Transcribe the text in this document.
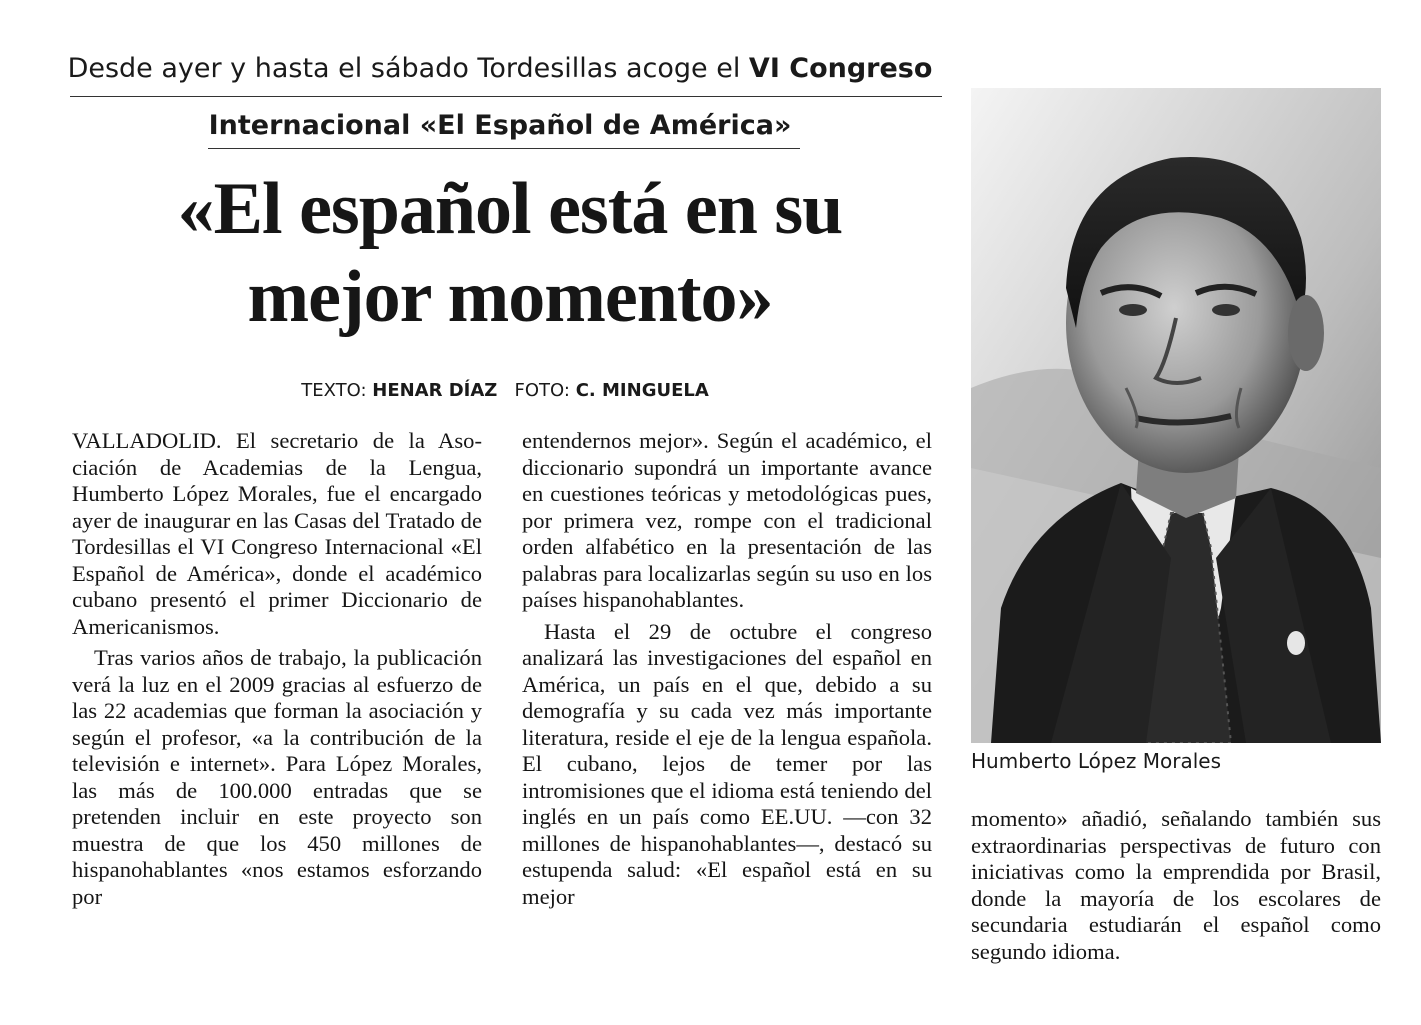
Desde ayer y hasta el sábado Tordesillas acoge el VI Congreso
Internacional «El Español de América»
«El español está en su mejor momento»
TEXTO: HENAR DÍAZ FOTO: C. MINGUELA

VALLADOLID. El secretario de la Asociación de Academias de la Lengua, Humberto López Morales, fue el encargado ayer de inaugurar en las Casas del Tratado de Tordesillas el VI Congreso Internacional «El Español de América», donde el académico cubano presentó el primer Diccionario de Americanismos.

Tras varios años de trabajo, la publicación verá la luz en el 2009 gracias al esfuerzo de las 22 academias que forman la asociación y según el profesor, «a la contribución de la televisión e internet». Para López Morales, las más de 100.000 entradas que se pretenden incluir en este proyecto son muestra de que los 450 millones de hispanohablantes «nos estamos esforzando por

entendernos mejor». Según el académico, el diccionario supondrá un importante avance en cuestiones teóricas y metodológicas pues, por primera vez, rompe con el tradicional orden alfabético en la presentación de las palabras para localizarlas según su uso en los países hispanohablantes.

Hasta el 29 de octubre el congreso analizará las investigaciones del español en América, un país en el que, debido a su demografía y su cada vez más importante literatura, reside el eje de la lengua española. El cubano, lejos de temer por las intromisiones que el idioma está teniendo del inglés en un país como EE.UU. —con 32 millones de hispanohablantes—, destacó su estupenda salud: «El español está en su mejor

Humberto López Morales

momento» añadió, señalando también sus extraordinarias perspectivas de futuro con iniciativas como la emprendida por Brasil, donde la mayoría de los escolares de secundaria estudiarán el español como segundo idioma.
